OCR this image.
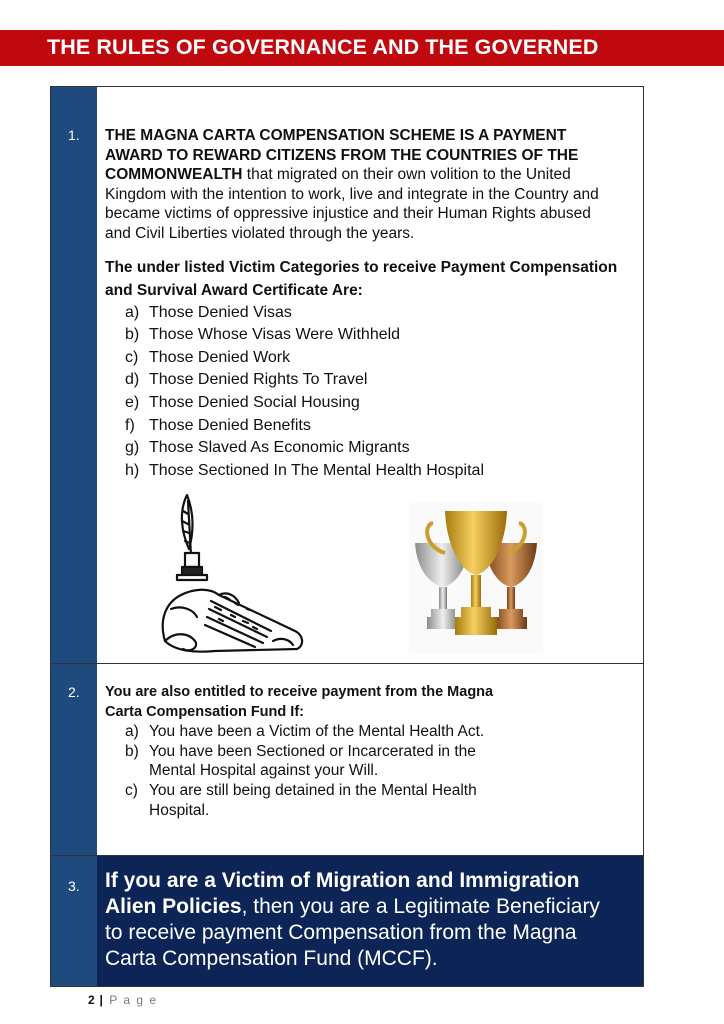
THE RULES OF GOVERNANCE AND THE GOVERNED
1. THE MAGNA CARTA COMPENSATION SCHEME IS A PAYMENT AWARD TO REWARD CITIZENS FROM THE COUNTRIES OF THE COMMONWEALTH that migrated on their own volition to the United Kingdom with the intention to work, live and integrate in the Country and became victims of oppressive injustice and their Human Rights abused and Civil Liberties violated through the years.

The under listed Victim Categories to receive Payment Compensation and Survival Award Certificate Are:

a) Those Denied Visas
b) Those Whose Visas Were Withheld
c) Those Denied Work
d) Those Denied Rights To Travel
e) Those Denied Social Housing
f) Those Denied Benefits
g) Those Slaved As Economic Migrants
h) Those Sectioned In The Mental Health Hospital
2. You are also entitled to receive payment from the Magna Carta Compensation Fund If:

a) You have been a Victim of the Mental Health Act.
b) You have been Sectioned or Incarcerated in the Mental Hospital against your Will.
c) You are still being detained in the Mental Health Hospital.
3. If you are a Victim of Migration and Immigration Alien Policies, then you are a Legitimate Beneficiary to receive payment Compensation from the Magna Carta Compensation Fund (MCCF).

2 | P a g e
